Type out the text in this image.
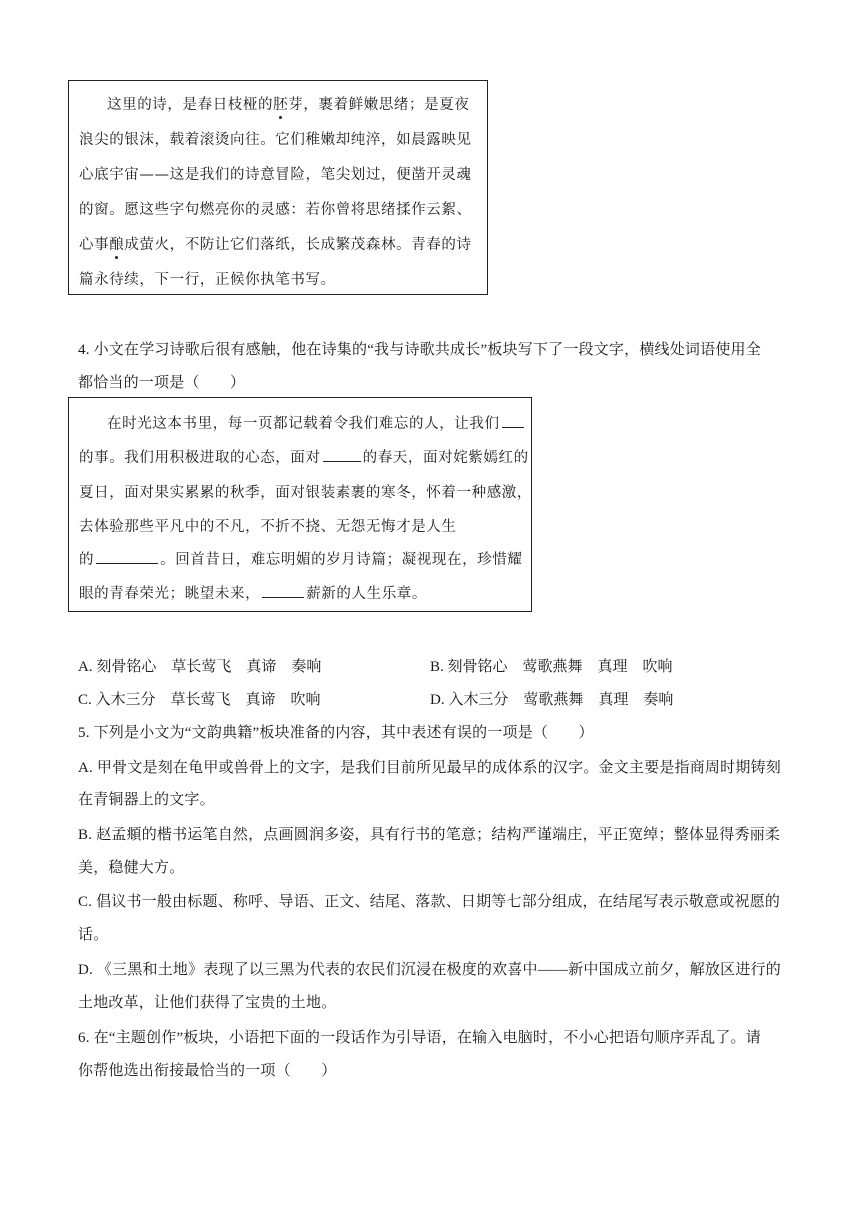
这里的诗，是春日枝桠的胚芽，裹着鲜嫩思绪；是夏夜
浪尖的银沫，载着滚烫向往。它们稚嫩却纯淬，如晨露映见
心底宇宙——这是我们的诗意冒险，笔尖划过，便凿开灵魂
的窗。愿这些字句燃亮你的灵感：若你曾将思绪揉作云絮、
心事酿成萤火，不防让它们落纸，长成繁茂森林。青春的诗
篇永待续，下一行，正候你执笔书写。
4. 小文在学习诗歌后很有感触，他在诗集的“我与诗歌共成长”板块写下了一段文字，横线处词语使用全
都恰当的一项是（　　）
在时光这本书里，每一页都记载着令我们难忘的人，让我们
的事。我们用积极进取的心态，面对	的春天，面对姹紫嫣红的
夏日，面对果实累累的秋季，面对银装素裹的寒冬，怀着一种感激，
去体验那些平凡中的不凡，不折不挠、无怨无悔才是人生
的	。回首昔日，难忘明媚的岁月诗篇；凝视现在，珍惜耀
眼的青春荣光；眺望未来，	薪新的人生乐章。
A. 刻骨铭心　草长莺飞　真谛　奏响	B. 刻骨铭心　莺歌燕舞　真理　吹响
C. 入木三分　草长莺飞　真谛　吹响	D. 入木三分　莺歌燕舞　真理　奏响
5. 下列是小文为“文韵典籍”板块准备的内容，其中表述有误的一项是（　　）
A. 甲骨文是刻在龟甲或兽骨上的文字，是我们目前所见最早的成体系的汉字。金文主要是指商周时期铸刻
在青铜器上的文字。
B. 赵孟頫的楷书运笔自然，点画圆润多姿，具有行书的笔意；结构严谨端庄，平正宽绰；整体显得秀丽柔
美，稳健大方。
C. 倡议书一般由标题、称呼、导语、正文、结尾、落款、日期等七部分组成，在结尾写表示敬意或祝愿的
话。
D. 《三黑和土地》表现了以三黑为代表的农民们沉浸在极度的欢喜中——新中国成立前夕，解放区进行的
土地改革，让他们获得了宝贵的土地。
6. 在“主题创作”板块，小语把下面的一段话作为引导语，在输入电脑时，不小心把语句顺序弄乱了。请
你帮他选出衔接最恰当的一项（　　）
